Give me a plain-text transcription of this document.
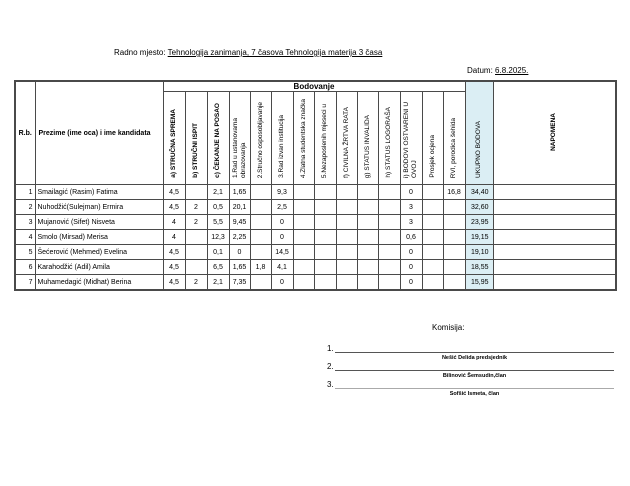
Radno mjesto: Tehnologija zanimanja, 7 časova Tehnologija materija 3 časa
Datum: 6.8.2025.
R.b.	Prezime (ime oca) i ime kandidata	Bodovanje														UKUPNO BODOVA	NAPOMENA
		a) STRUČNA SPREMA	b) STRUČNI ISPIT	c) ČEKANJE NA POSAO	1.Rad u ustanovama obrazovanja	2.Stručno osposobljavanje	3.Rad izvan institucija	4.Zlatna studentska značka	5.Nezaposlenih mjeseci u	f) CIVILNA ŽRTVA RATA	g) STATUS INVALIDA	h) STATUS LOGORAŠA	i) BODOVI OSTVARENI U OVOJ	Prosjek ocjena	RVI, porodica šehida		
1	Smailagić (Rasim) Fatima	4,5		2,1	1,65		9,3						0		16,8	34,40	
2	Nuhodžić(Sulejman) Ermira	4,5	2	0,5	20,1		2,5						3			32,60	
3	Mujanović (Sifet) Nisveta	4	2	5,5	9,45		0						3			23,95	
4	Smolo (Mirsad) Merisa	4		12,3	2,25		0						0,6			19,15	
5	Šećerović (Mehmed) Evelina	4,5		0,1	0		14,5						0			19,10	
6	Karahodžić (Adil) Amila	4,5		6,5	1,65	1,8	4,1						0			18,55	
7	Muhamedagić (Midhat) Berina	4,5	2	2,1	7,35		0						0			15,95	
Komisija:
1.
Nešić Delida predsjednik
2.
Bilinović Šemsudin,član
3.
Sofšić Ismeta, član
